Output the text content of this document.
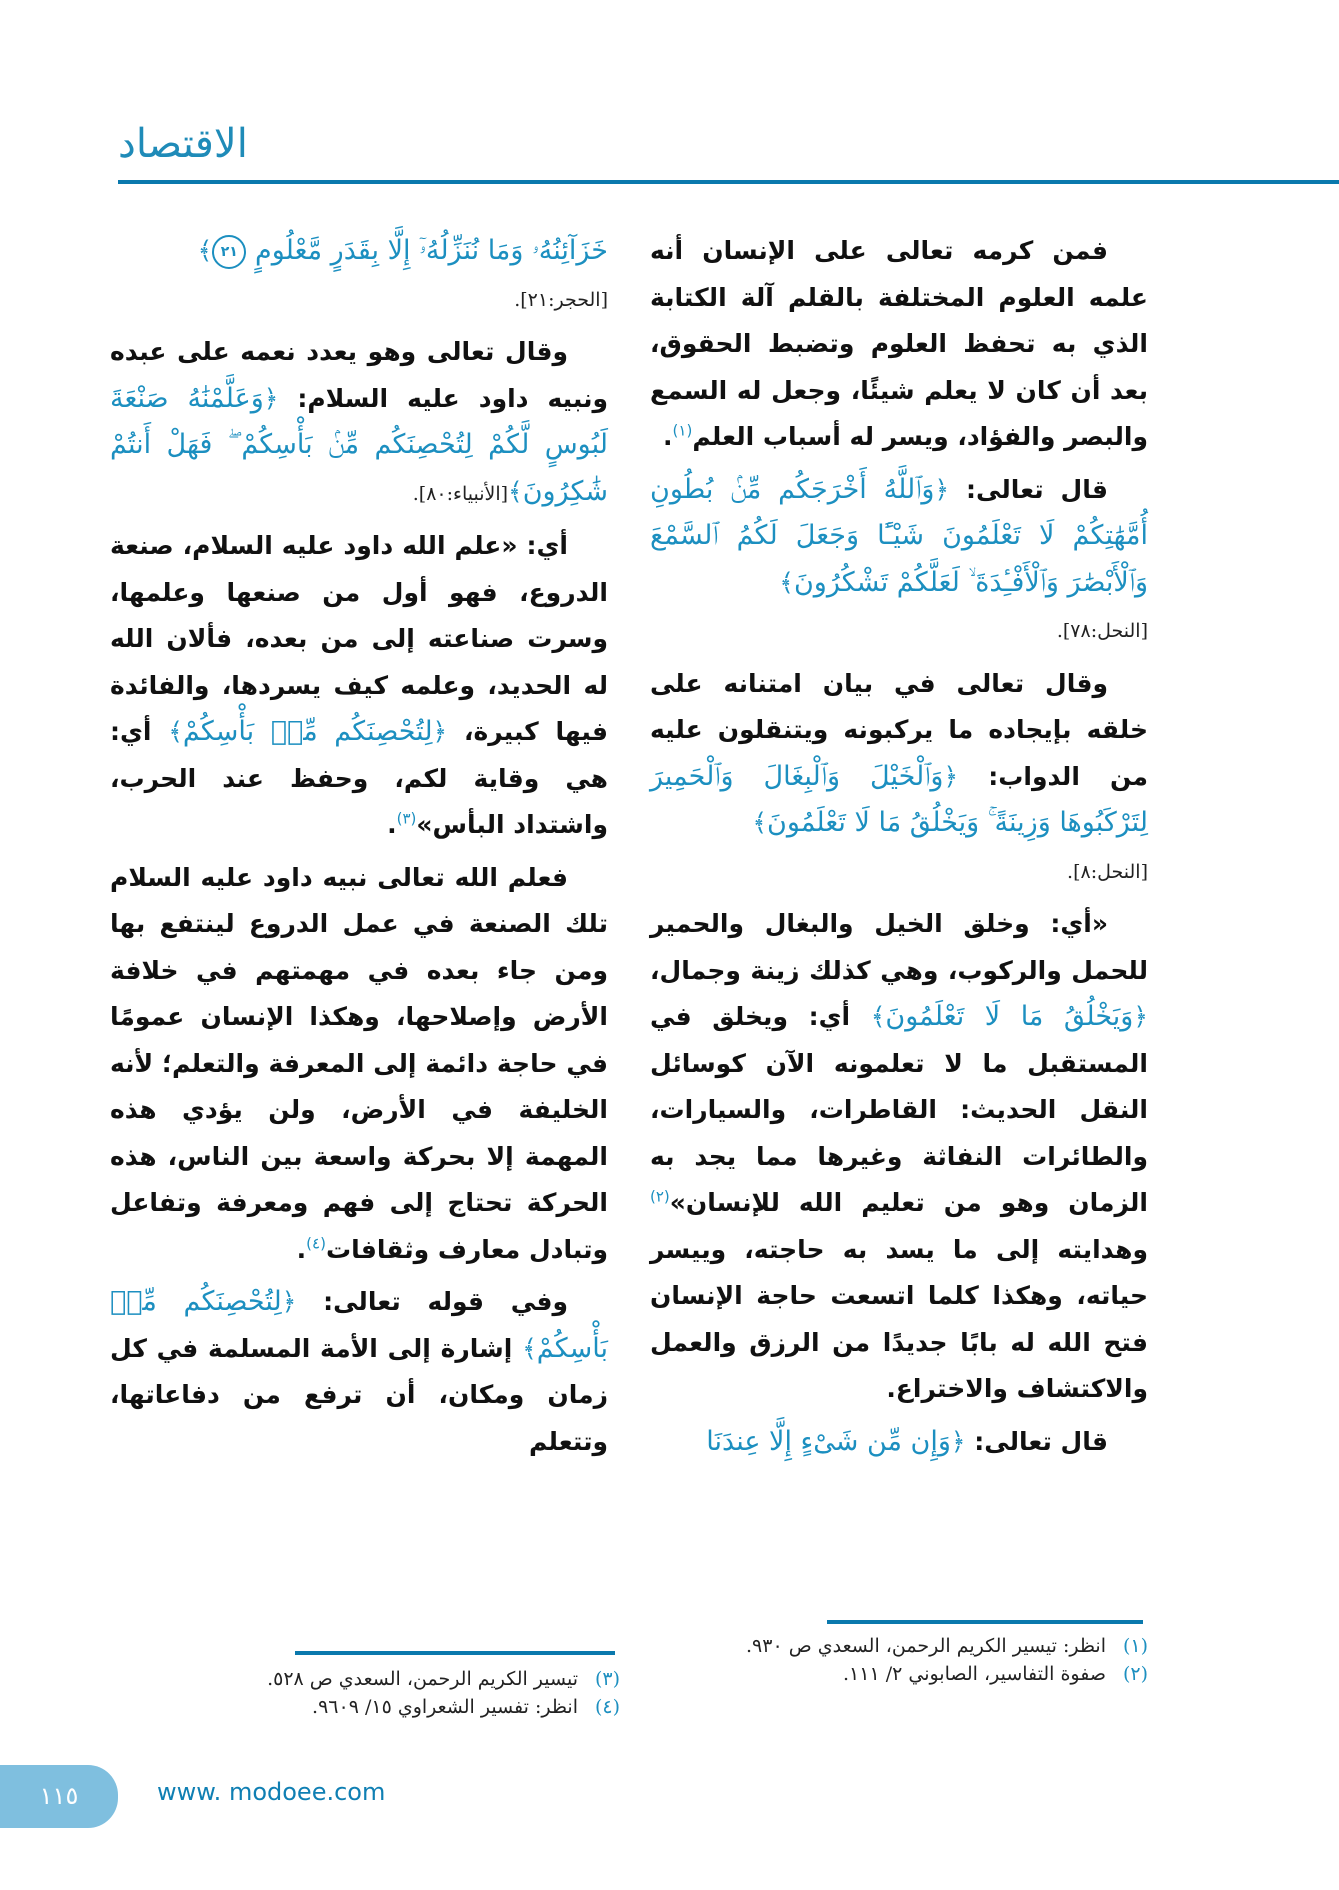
الاقتصاد

فمن كرمه تعالى على الإنسان أنه علمه العلوم المختلفة بالقلم آلة الكتابة الذي به تحفظ العلوم وتضبط الحقوق، بعد أن كان لا يعلم شيئًا، وجعل له السمع والبصر والفؤاد، ويسر له أسباب العلم$^{(١)}$.

قال تعالى: ﴿وَٱللَّهُ أَخْرَجَكُم مِّنۢ بُطُونِ أُمَّهَٰتِكُمْ لَا تَعْلَمُونَ شَيْـًٔا وَجَعَلَ لَكُمُ ٱلسَّمْعَ وَٱلْأَبْصَٰرَ وَٱلْأَفْـِٔدَةَ ۙ لَعَلَّكُمْ تَشْكُرُونَ﴾
[النحل:٧٨].

وقال تعالى في بيان امتنانه على خلقه بإيجاده ما يركبونه ويتنقلون عليه من الدواب: ﴿وَٱلْخَيْلَ وَٱلْبِغَالَ وَٱلْحَمِيرَ لِتَرْكَبُوهَا وَزِينَةً ۚ وَيَخْلُقُ مَا لَا تَعْلَمُونَ﴾
[النحل:٨].

«أي: وخلق الخيل والبغال والحمير للحمل والركوب، وهي كذلك زينة وجمال، ﴿وَيَخْلُقُ مَا لَا تَعْلَمُونَ﴾ أي: ويخلق في المستقبل ما لا تعلمونه الآن كوسائل النقل الحديث: القاطرات، والسيارات، والطائرات النفاثة وغيرها مما يجد به الزمان وهو من تعليم الله للإنسان»$^{(٢)}$ وهدايته إلى ما يسد به حاجته، وييسر حياته، وهكذا كلما اتسعت حاجة الإنسان فتح الله له بابًا جديدًا من الرزق والعمل والاكتشاف والاختراع.

قال تعالى: ﴿وَإِن مِّن شَىْءٍ إِلَّا عِندَنَا

خَزَآئِنُهُۥ وَمَا نُنَزِّلُهُۥٓ إِلَّا بِقَدَرٍ مَّعْلُومٍ ٢١﴾
[الحجر:٢١].

وقال تعالى وهو يعدد نعمه على عبده ونبيه داود عليه السلام: ﴿وَعَلَّمْنَٰهُ صَنْعَةَ لَبُوسٍ لَّكُمْ لِتُحْصِنَكُم مِّنۢ بَأْسِكُمْ ۖ فَهَلْ أَنتُمْ شَٰكِرُونَ﴾[الأنبياء:٨٠].

أي: «علم الله داود عليه السلام، صنعة الدروع، فهو أول من صنعها وعلمها، وسرت صناعته إلى من بعده، فألان الله له الحديد، وعلمه كيف يسردها، والفائدة فيها كبيرة، ﴿لِتُحْصِنَكُم مِّنۢ بَأْسِكُمْ﴾ أي: هي وقاية لكم، وحفظ عند الحرب، واشتداد البأس»$^{(٣)}$.

فعلم الله تعالى نبيه داود عليه السلام تلك الصنعة في عمل الدروع لينتفع بها ومن جاء بعده في مهمتهم في خلافة الأرض وإصلاحها، وهكذا الإنسان عمومًا في حاجة دائمة إلى المعرفة والتعلم؛ لأنه الخليفة في الأرض، ولن يؤدي هذه المهمة إلا بحركة واسعة بين الناس، هذه الحركة تحتاج إلى فهم ومعرفة وتفاعل وتبادل معارف وثقافات$^{(٤)}$.

وفي قوله تعالى: ﴿لِتُحْصِنَكُم مِّنۢ بَأْسِكُمْ﴾ إشارة إلى الأمة المسلمة في كل زمان ومكان، أن ترفع من دفاعاتها، وتتعلم

(١)
انظر: تيسير الكريم الرحمن، السعدي ص ٩٣٠.

(٢)
صفوة التفاسير، الصابوني ٢/ ١١١.

(٣)
تيسير الكريم الرحمن، السعدي ص ٥٢٨.

(٤)
انظر: تفسير الشعراوي ١٥/ ٩٦٠٩.

١١٥	www. modoee.com
